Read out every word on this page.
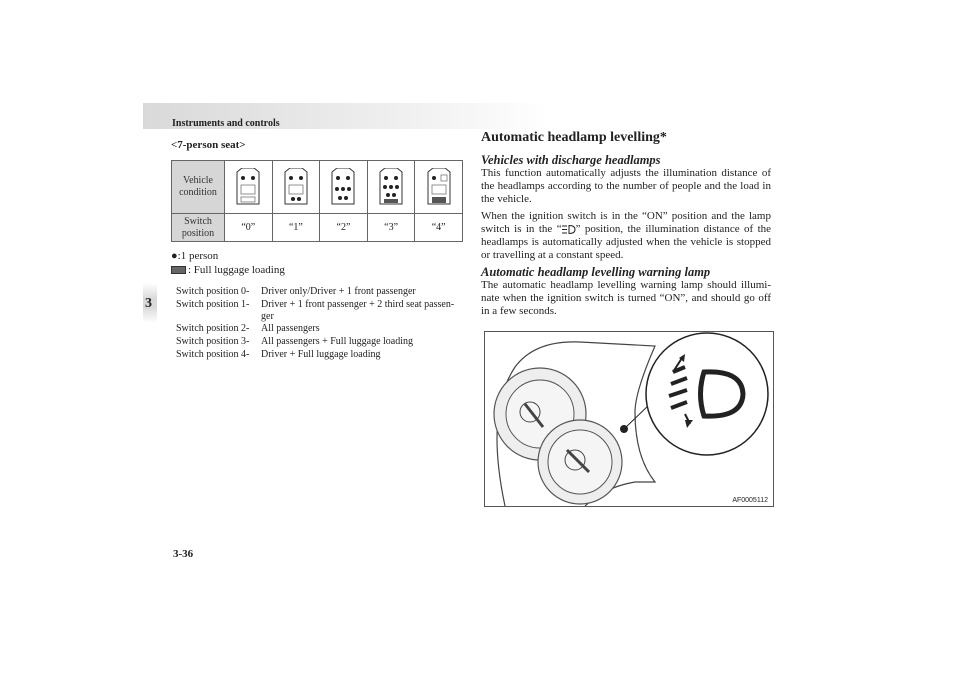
Instruments and controls
3
<7-person seat>
Vehicle condition					
Switch position	“0”	“1”	“2”	“3”	“4”
●:1 person
: Full luggage loading
Switch position 0- Driver only/Driver + 1 front passenger
Switch position 1- Driver + 1 front passenger + 2 third seat passen-ger
Switch position 2- All passengers
Switch position 3- All passengers + Full luggage loading
Switch position 4- Driver + Full luggage loading
Automatic headlamp levelling*
Vehicles with discharge headlamps

This function automatically adjusts the illumination distance of the headlamps according to the number of people and the load in the vehicle.

When the ignition switch is in the “ON” position and the lamp switch is in the “ ” position, the illumination distance of the headlamps is automatically adjusted when the vehicle is stopped or travelling at a constant speed.

Automatic headlamp levelling warning lamp

The automatic headlamp levelling warning lamp should illumi-nate when the ignition switch is turned “ON”, and should go off in a few seconds.

AF0005112
3-36
